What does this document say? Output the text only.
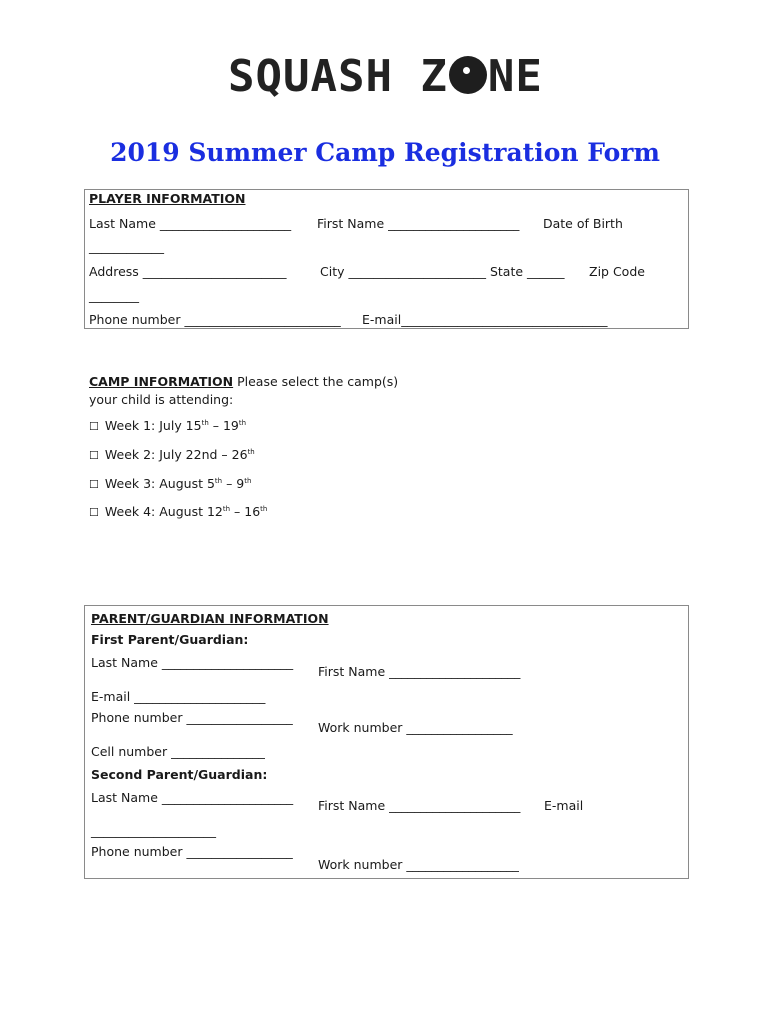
SQUASH Z NE
2019 Summer Camp Registration Form
PLAYER INFORMATION
Last Name _____________________ First Name _____________________ Date of Birth
____________
Address _______________________	City ______________________ State ______ Zip Code
________
Phone number _________________________ E-mail_________________________________
CAMP INFORMATION Please select the camp(s)
your child is attending:
☐ Week 1: July 15th – 19th
☐ Week 2: July 22nd – 26th
☐ Week 3: August 5th – 9th
☐ Week 4: August 12th – 16th
PARENT/GUARDIAN INFORMATION
First Parent/Guardian:
Last Name _____________________
First Name _____________________
E-mail _____________________
Phone number _________________
Work number _________________
Cell number _______________
Second Parent/Guardian:
Last Name _____________________
First Name _____________________ E-mail
____________________
Phone number _________________
Work number __________________
